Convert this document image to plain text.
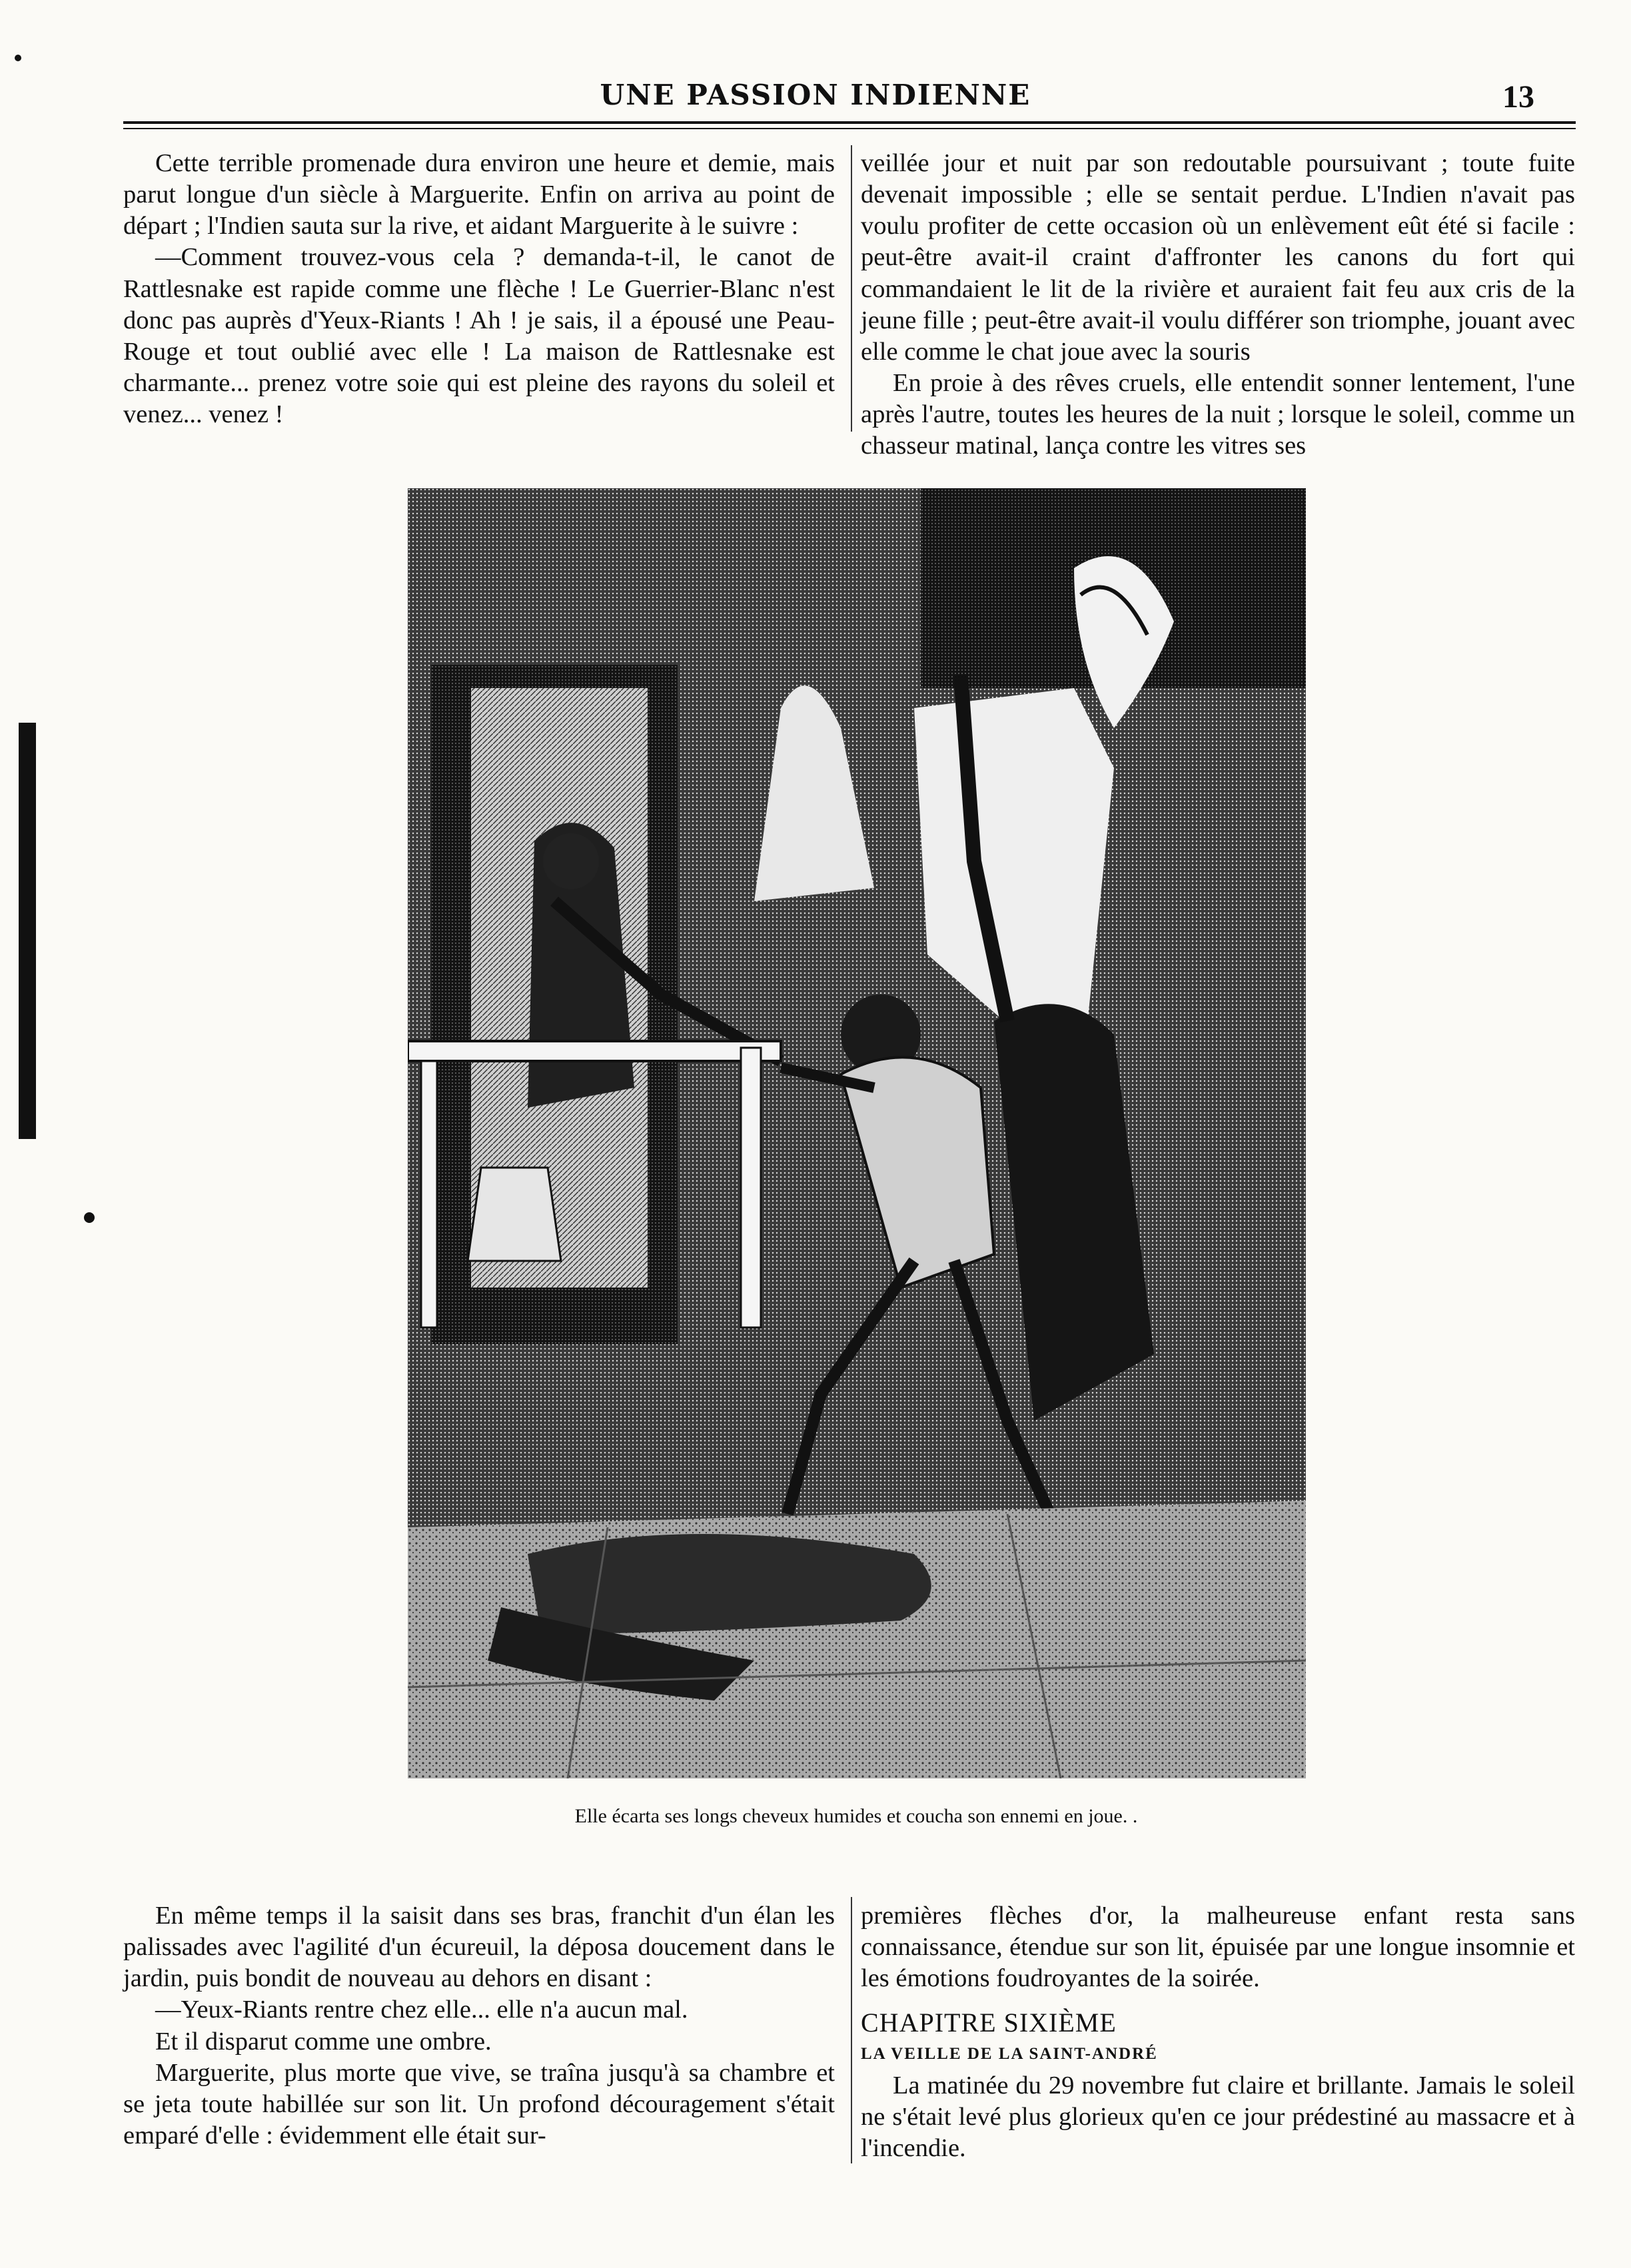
UNE PASSION INDIENNE	13

Cette terrible promenade dura environ une heure et demie, mais parut longue d'un siècle à Marguerite. Enfin on arriva au point de départ ; l'Indien sauta sur la rive, et aidant Marguerite à le suivre :

—Comment trouvez-vous cela ? demanda-t-il, le canot de Rattlesnake est rapide comme une flèche ! Le Guerrier-Blanc n'est donc pas auprès d'Yeux-Riants ! Ah ! je sais, il a épousé une Peau-Rouge et tout oublié avec elle ! La maison de Rattlesnake est charmante... prenez votre soie qui est pleine des rayons du soleil et venez... venez !

veillée jour et nuit par son redoutable poursuivant ; toute fuite devenait impossible ; elle se sentait perdue. L'Indien n'avait pas voulu profiter de cette occasion où un enlèvement eût été si facile : peut-être avait-il craint d'affronter les canons du fort qui commandaient le lit de la rivière et auraient fait feu aux cris de la jeune fille ; peut-être avait-il voulu différer son triomphe, jouant avec elle comme le chat joue avec la souris

En proie à des rêves cruels, elle entendit sonner lentement, l'une après l'autre, toutes les heures de la nuit ; lorsque le soleil, comme un chasseur matinal, lança contre les vitres ses

Elle écarta ses longs cheveux humides et coucha son ennemi en joue. .

En même temps il la saisit dans ses bras, franchit d'un élan les palissades avec l'agilité d'un écureuil, la déposa doucement dans le jardin, puis bondit de nouveau au dehors en disant :

—Yeux-Riants rentre chez elle... elle n'a aucun mal.

Et il disparut comme une ombre.

Marguerite, plus morte que vive, se traîna jusqu'à sa chambre et se jeta toute habillée sur son lit. Un profond découragement s'était emparé d'elle : évidemment elle était sur-

premières flèches d'or, la malheureuse enfant resta sans connaissance, étendue sur son lit, épuisée par une longue insomnie et les émotions foudroyantes de la soirée.

CHAPITRE SIXIÈME
LA VEILLE DE LA SAINT-ANDRÉ

La matinée du 29 novembre fut claire et brillante. Jamais le soleil ne s'était levé plus glorieux qu'en ce jour prédestiné au massacre et à l'incendie.
